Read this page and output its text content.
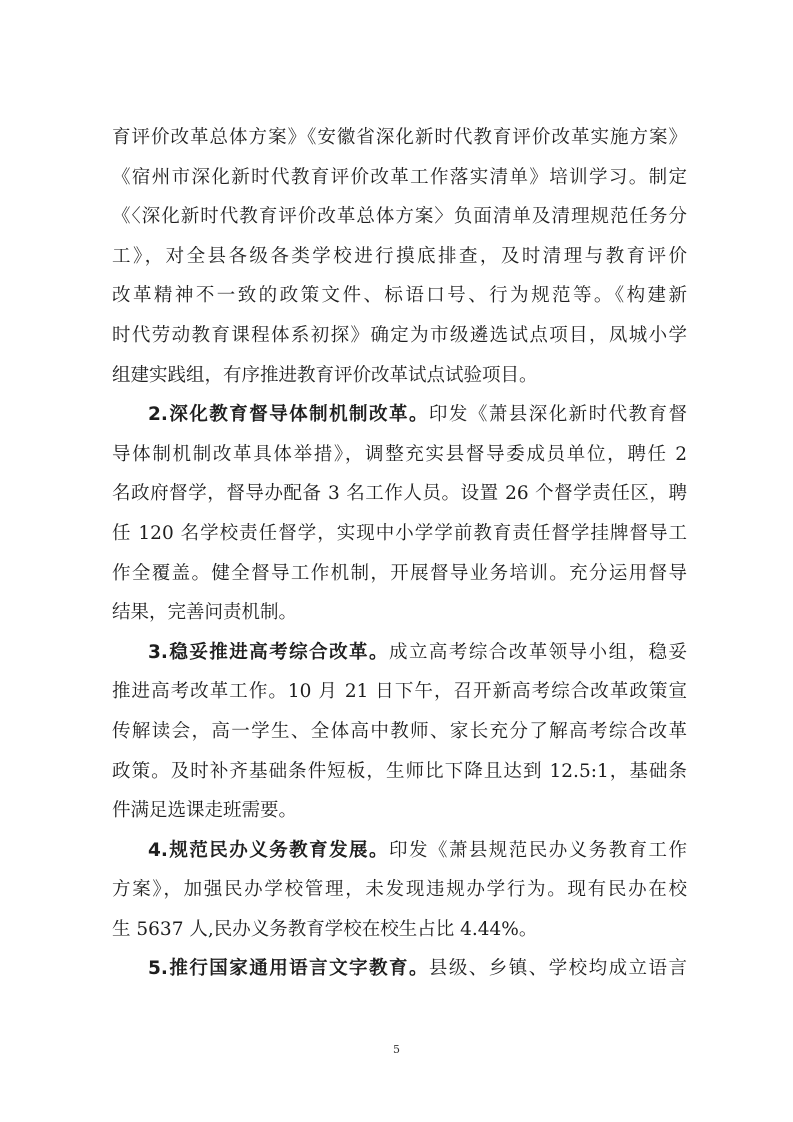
育评价改革总体方案》《安徽省深化新时代教育评价改革实施方案》
《宿州市深化新时代教育评价改革工作落实清单》培训学习。制定
《〈深化新时代教育评价改革总体方案〉负面清单及清理规范任务分
工》，对全县各级各类学校进行摸底排查，及时清理与教育评价
改革精神不一致的政策文件、标语口号、行为规范等。《构建新
时代劳动教育课程体系初探》确定为市级遴选试点项目，凤城小学
组建实践组，有序推进教育评价改革试点试验项目。
2.深化教育督导体制机制改革。印发《萧县深化新时代教育督
导体制机制改革具体举措》，调整充实县督导委成员单位，聘任 2
名政府督学，督导办配备 3 名工作人员。设置 26 个督学责任区，聘
任 120 名学校责任督学，实现中小学学前教育责任督学挂牌督导工
作全覆盖。健全督导工作机制，开展督导业务培训。充分运用督导
结果，完善问责机制。
3.稳妥推进高考综合改革。成立高考综合改革领导小组，稳妥
推进高考改革工作。10 月 21 日下午，召开新高考综合改革政策宣
传解读会，高一学生、全体高中教师、家长充分了解高考综合改革
政策。及时补齐基础条件短板，生师比下降且达到 12.5:1，基础条
件满足选课走班需要。
4.规范民办义务教育发展。印发《萧县规范民办义务教育工作
方案》，加强民办学校管理，未发现违规办学行为。现有民办在校
生 5637 人,民办义务教育学校在校生占比 4.44%。
5.推行国家通用语言文字教育。县级、乡镇、学校均成立语言
5
